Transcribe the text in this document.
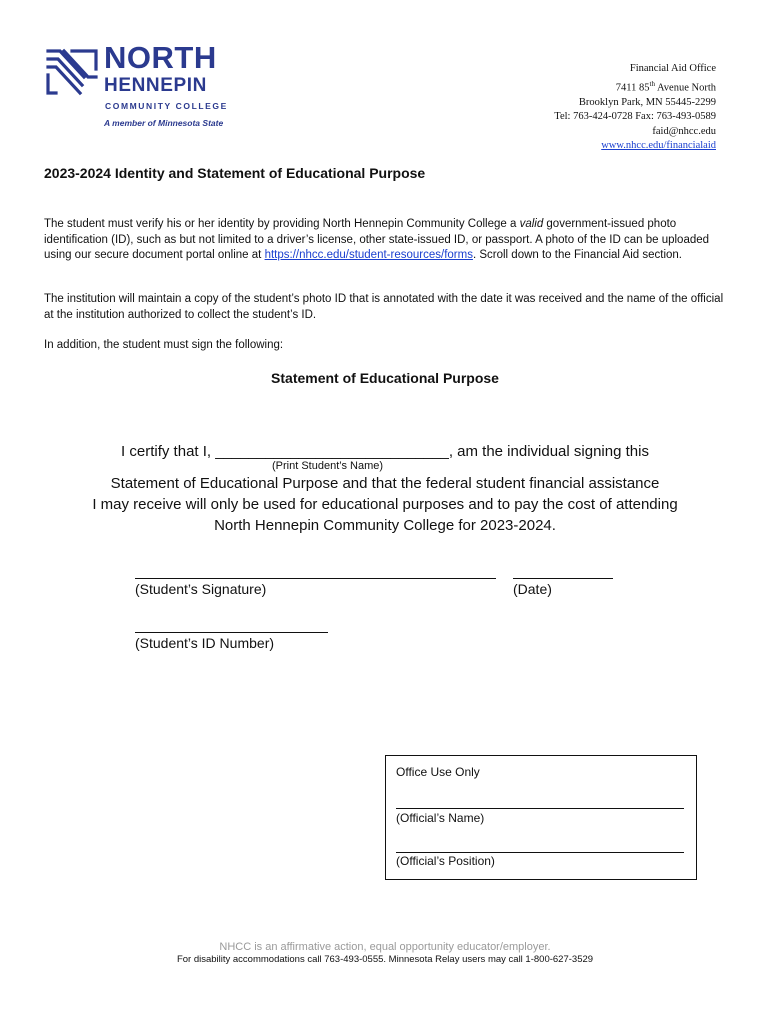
NORTH
HENNEPIN
COMMUNITY COLLEGE
A member of Minnesota State
Financial Aid Office
7411 85th Avenue North
Brooklyn Park, MN 55445-2299
Tel: 763-424-0728 Fax: 763-493-0589
faid@nhcc.edu
www.nhcc.edu/financialaid
2023-2024 Identity and Statement of Educational Purpose
The student must verify his or her identity by providing North Hennepin Community College a valid government-issued photo identification (ID), such as but not limited to a driver’s license, other state-issued ID, or passport. A photo of the ID can be uploaded using our secure document portal online at https://nhcc.edu/student-resources/forms. Scroll down to the Financial Aid section.
The institution will maintain a copy of the student’s photo ID that is annotated with the date it was received and the name of the official at the institution authorized to collect the student’s ID.
In addition, the student must sign the following:
Statement of Educational Purpose
I certify that I, ____________________________, am the individual signing this
(Print Student’s Name)
Statement of Educational Purpose and that the federal student financial assistance
I may receive will only be used for educational purposes and to pay the cost of attending
North Hennepin Community College for 2023-2024.
(Student’s Signature)	(Date)
(Student’s ID Number)
Office Use Only
(Official’s Name)
(Official’s Position)
NHCC is an affirmative action, equal opportunity educator/employer.
For disability accommodations call 763-493-0555. Minnesota Relay users may call 1-800-627-3529
